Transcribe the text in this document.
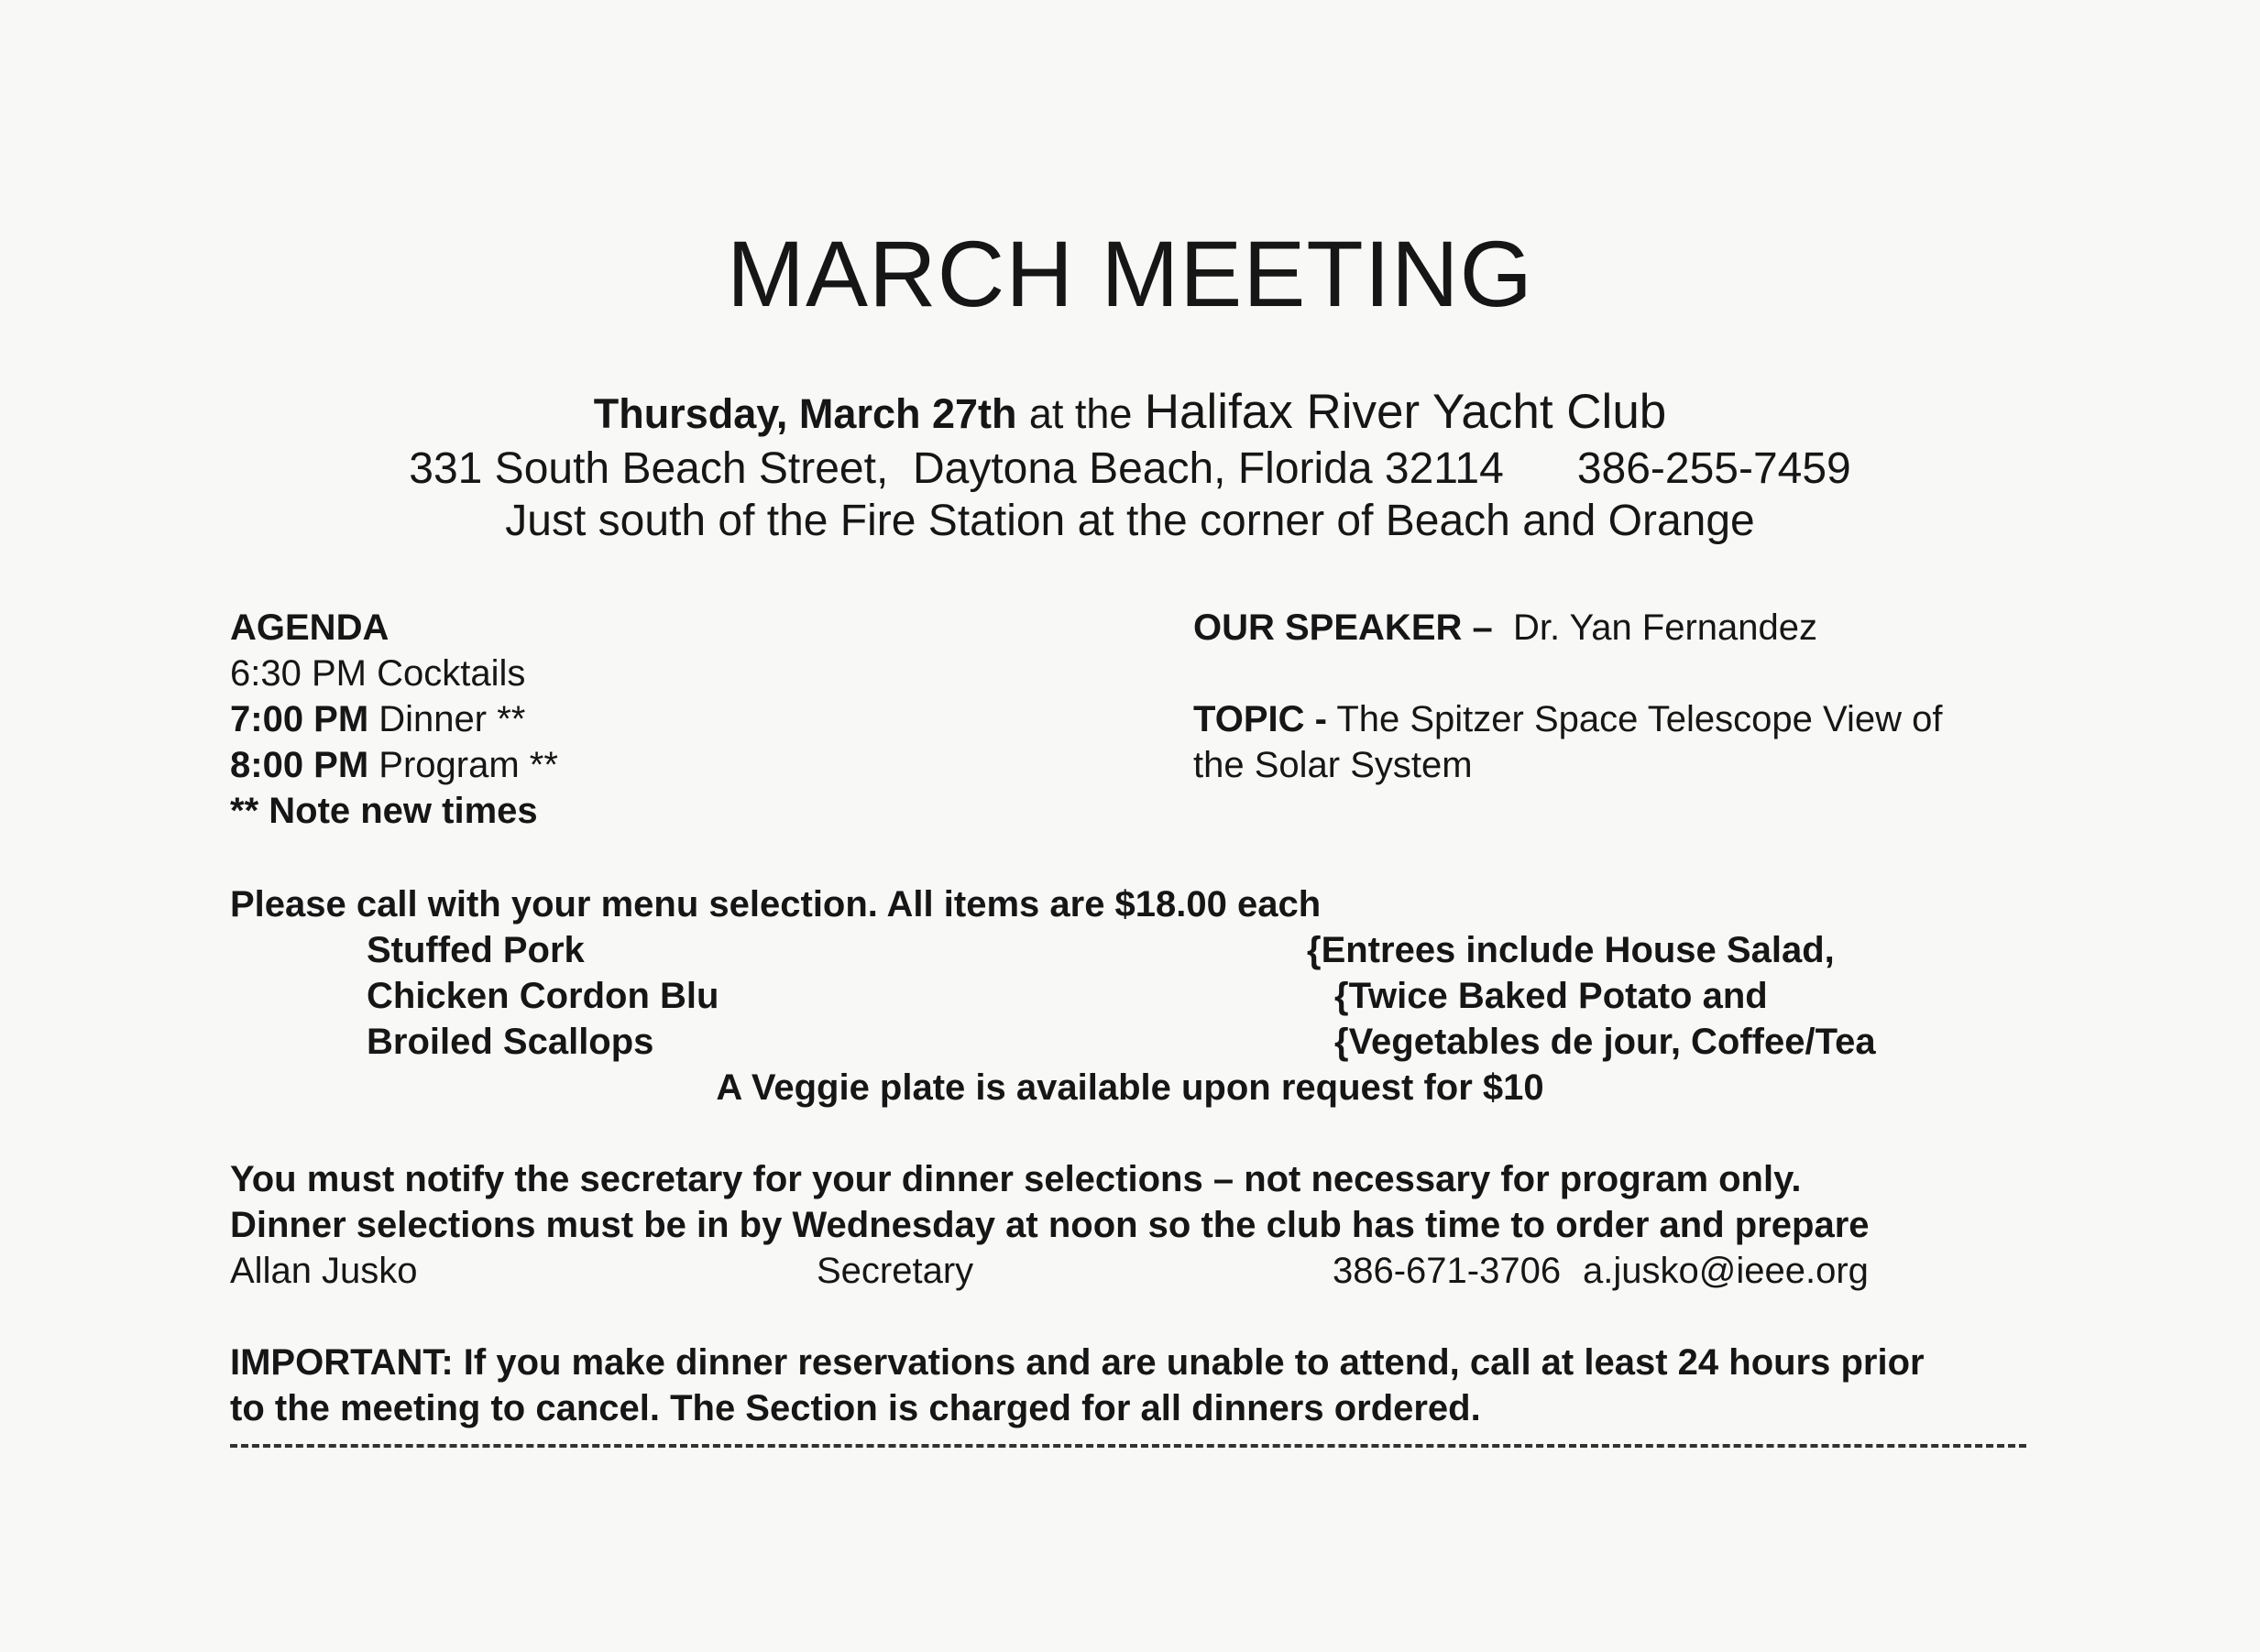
MARCH MEETING
Thursday, March 27th at the Halifax River Yacht Club
331 South Beach Street, Daytona Beach, Florida 32114 386-255-7459
Just south of the Fire Station at the corner of Beach and Orange
AGENDA
6:30 PM Cocktails
7:00 PM Dinner **
8:00 PM Program **
** Note new times
OUR SPEAKER – Dr. Yan Fernandez
TOPIC - The Spitzer Space Telescope View of
the Solar System
Please call with your menu selection. All items are $18.00 each
Stuffed Pork
Chicken Cordon Blu
Broiled Scallops
{Entrees include House Salad,
{Twice Baked Potato and
{Vegetables de jour, Coffee/Tea
A Veggie plate is available upon request for $10
You must notify the secretary for your dinner selections – not necessary for program only.
Dinner selections must be in by Wednesday at noon so the club has time to order and prepare
Allan Jusko	Secretary	386-671-3706 a.jusko@ieee.org
IMPORTANT: If you make dinner reservations and are unable to attend, call at least 24 hours prior
to the meeting to cancel. The Section is charged for all dinners ordered.
